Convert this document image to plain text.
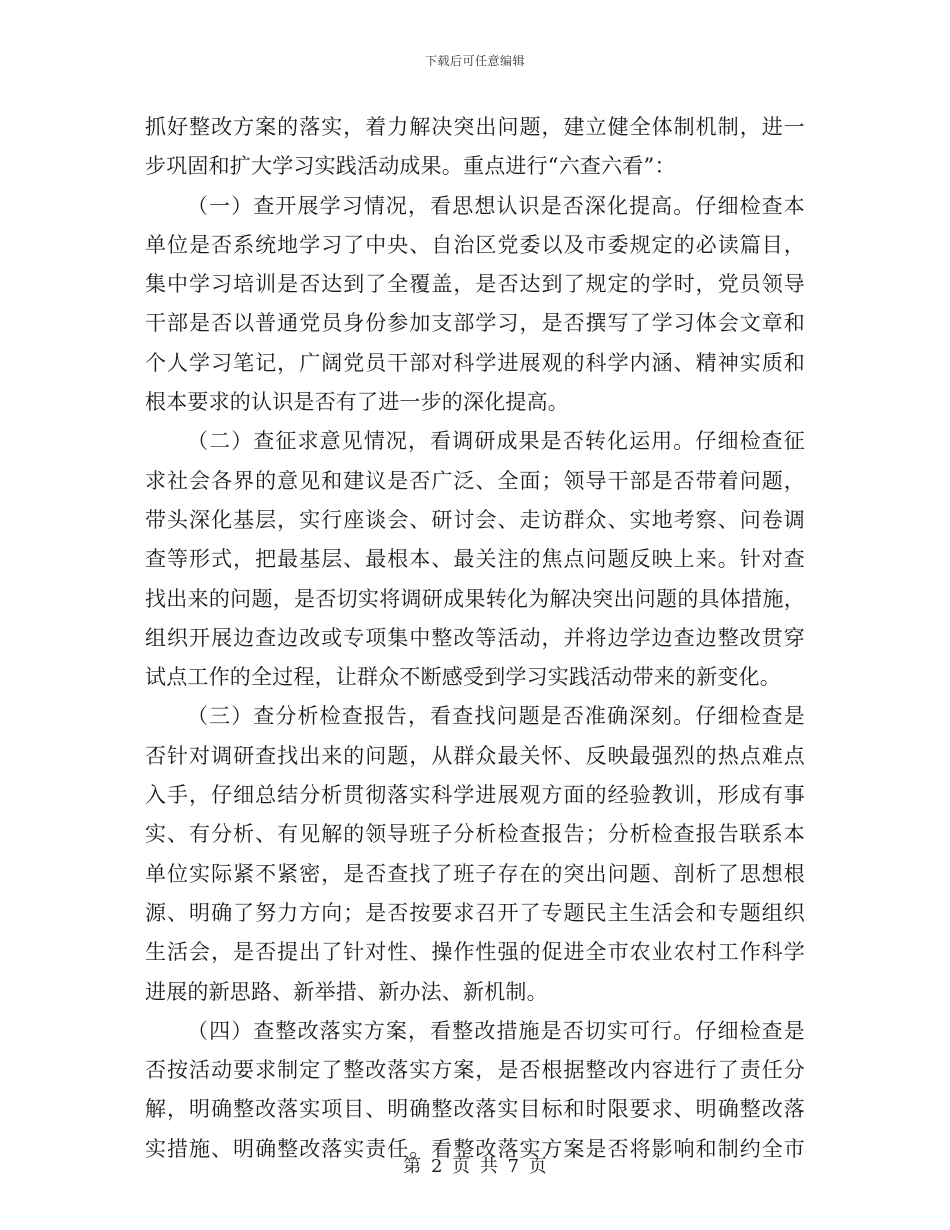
下载后可任意编辑
抓好整改方案的落实，着力解决突出问题，建立健全体制机制，进一
步巩固和扩大学习实践活动成果。重点进行“六查六看”：
（一）查开展学习情况，看思想认识是否深化提高。仔细检查本
单位是否系统地学习了中央、自治区党委以及市委规定的必读篇目，
集中学习培训是否达到了全覆盖，是否达到了规定的学时，党员领导
干部是否以普通党员身份参加支部学习，是否撰写了学习体会文章和
个人学习笔记，广阔党员干部对科学进展观的科学内涵、精神实质和
根本要求的认识是否有了进一步的深化提高。
（二）查征求意见情况，看调研成果是否转化运用。仔细检查征
求社会各界的意见和建议是否广泛、全面；领导干部是否带着问题，
带头深化基层，实行座谈会、研讨会、走访群众、实地考察、问卷调
查等形式，把最基层、最根本、最关注的焦点问题反映上来。针对查
找出来的问题，是否切实将调研成果转化为解决突出问题的具体措施，
组织开展边查边改或专项集中整改等活动，并将边学边查边整改贯穿
试点工作的全过程，让群众不断感受到学习实践活动带来的新变化。
（三）查分析检查报告，看查找问题是否准确深刻。仔细检查是
否针对调研查找出来的问题，从群众最关怀、反映最强烈的热点难点
入手，仔细总结分析贯彻落实科学进展观方面的经验教训，形成有事
实、有分析、有见解的领导班子分析检查报告；分析检查报告联系本
单位实际紧不紧密，是否查找了班子存在的突出问题、剖析了思想根
源、明确了努力方向；是否按要求召开了专题民主生活会和专题组织
生活会，是否提出了针对性、操作性强的促进全市农业农村工作科学
进展的新思路、新举措、新办法、新机制。
（四）查整改落实方案，看整改措施是否切实可行。仔细检查是
否按活动要求制定了整改落实方案，是否根据整改内容进行了责任分
解，明确整改落实项目、明确整改落实目标和时限要求、明确整改落
实措施、明确整改落实责任。看整改落实方案是否将影响和制约全市
第 2 页 共 7 页
